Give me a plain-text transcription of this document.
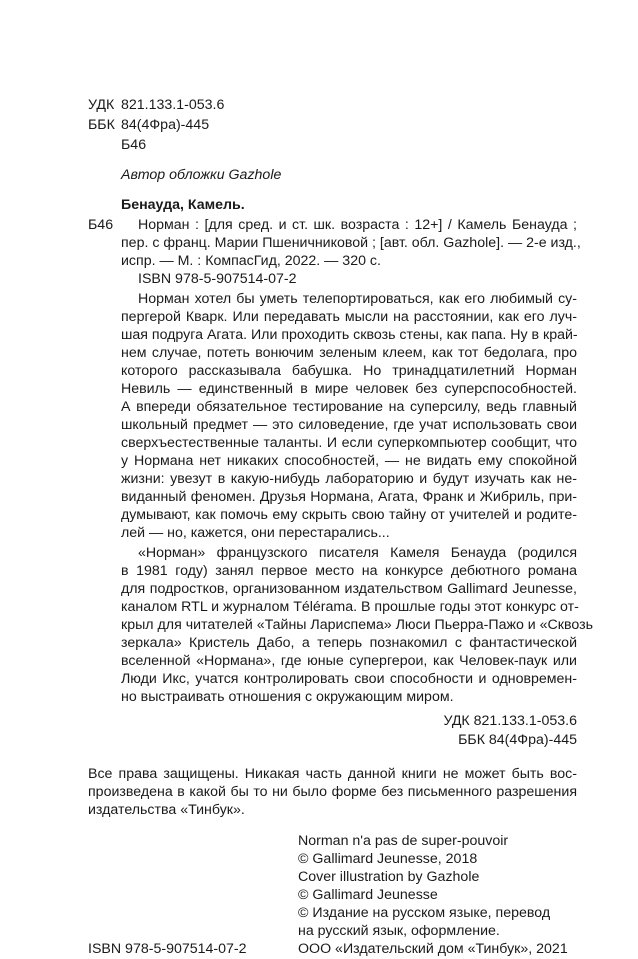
УДК 821.133.1-053.6
ББК 84(4Фра)-445
Б46
Автор обложки Gazhole
Бенауда, Камель.
Б46 Норман : [для сред. и ст. шк. возраста : 12+] / Камель Бенауда ;
пер. с франц. Марии Пшеничниковой ; [авт. обл. Gazhole]. — 2-е изд.,
испр. — М. : КомпасГид, 2022. — 320 с.
ISBN 978-5-907514-07-2
Норман хотел бы уметь телепортироваться, как его любимый су-
пергерой Кварк. Или передавать мысли на расстоянии, как его луч-
шая подруга Агата. Или проходить сквозь стены, как папа. Ну в край-
нем случае, потеть вонючим зеленым клеем, как тот бедолага, про
которого рассказывала бабушка. Но тринадцатилетний Норман
Невиль — единственный в мире человек без суперспособностей.
А впереди обязательное тестирование на суперсилу, ведь главный
школьный предмет — это силоведение, где учат использовать свои
сверхъестественные таланты. И если суперкомпьютер сообщит, что
у Нормана нет никаких способностей, — не видать ему спокойной
жизни: увезут в какую-нибудь лабораторию и будут изучать как не-
виданный феномен. Друзья Нормана, Агата, Франк и Жибриль, при-
думывают, как помочь ему скрыть свою тайну от учителей и родите-
лей — но, кажется, они перестарались...
«Норман» французского писателя Камеля Бенауда (родился
в 1981 году) занял первое место на конкурсе дебютного романа
для подростков, организованном издательством Gallimard Jeunesse,
каналом RTL и журналом Télérama. В прошлые годы этот конкурс от-
крыл для читателей «Тайны Лариспема» Люси Пьерра-Пажо и «Сквозь
зеркала» Кристель Дабо, а теперь познакомил с фантастической
вселенной «Нормана», где юные супергерои, как Человек-паук или
Люди Икс, учатся контролировать свои способности и одновремен-
но выстраивать отношения с окружающим миром.
УДК 821.133.1-053.6
ББК 84(4Фра)-445
Все права защищены. Никакая часть данной книги не может быть вос-
произведена в какой бы то ни было форме без письменного разрешения
издательства «Тинбук».
Norman n'a pas de super-pouvoir
© Gallimard Jeunesse, 2018
Cover illustration by Gazhole
© Gallimard Jeunesse
© Издание на русском языке, перевод
на русский язык, оформление.
ООО «Издательский дом «Тинбук», 2021
ISBN 978-5-907514-07-2
